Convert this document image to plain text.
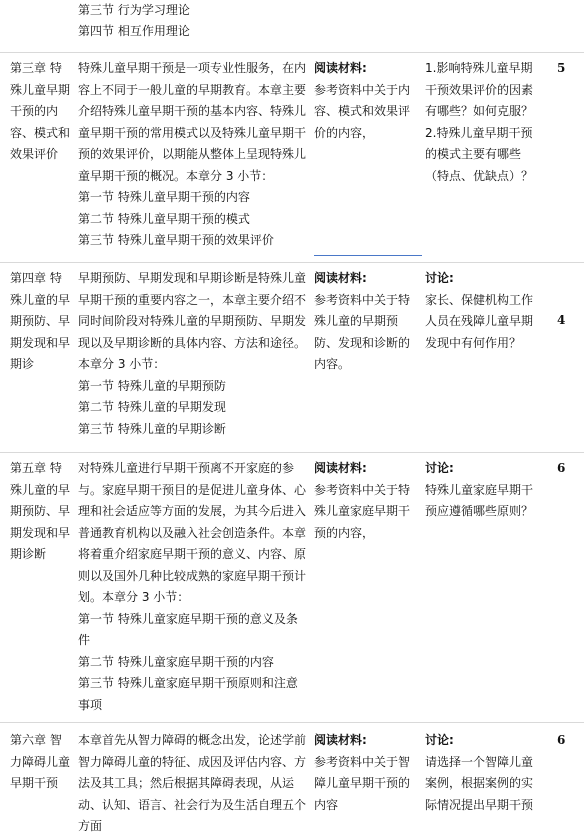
第三节 行为学习理论
第四节 相互作用理论
第三章 特殊儿童早期干预的内容、模式和效果评价
特殊儿童早期干预是一项专业性服务，在内容上不同于一般儿童的早期教育。本章主要介绍特殊儿童早期干预的基本内容、特殊儿童早期干预的常用模式以及特殊儿童早期干预的效果评价，以期能从整体上呈现特殊儿童早期干预的概况。本章分 3 小节：
第一节 特殊儿童早期干预的内容
第二节 特殊儿童早期干预的模式
第三节 特殊儿童早期干预的效果评价
阅读材料:
参考资料中关于内容、模式和效果评价的内容，
1.影响特殊儿童早期干预效果评价的因素有哪些？如何克服？ 2.特殊儿童早期干预的模式主要有哪些（特点、优缺点）？
5
第四章 特殊儿童的早期预防、早期发现和早期诊
早期预防、早期发现和早期诊断是特殊儿童早期干预的重要内容之一，本章主要介绍不同时间阶段对特殊儿童的早期预防、早期发现以及早期诊断的具体内容、方法和途径。
本章分 3 小节：
第一节 特殊儿童的早期预防
第二节 特殊儿童的早期发现
第三节 特殊儿童的早期诊断
阅读材料:
参考资料中关于特殊儿童的早期预防、发现和诊断的内容。
讨论:
家长、保健机构工作人员在残障儿童早期发现中有何作用？
4
第五章 特殊儿童的早期预防、早期发现和早期诊断
对特殊儿童进行早期干预离不开家庭的参与。家庭早期干预目的是促进儿童身体、心理和社会适应等方面的发展，为其今后进入普通教育机构以及融入社会创造条件。本章将着重介绍家庭早期干预的意义、内容、原则以及国外几种比较成熟的家庭早期干预计划。本章分 3 小节：
第一节 特殊儿童家庭早期干预的意义及条件
第二节 特殊儿童家庭早期干预的内容
第三节 特殊儿童家庭早期干预原则和注意事项
阅读材料:
参考资料中关于特殊儿童家庭早期干预的内容，
讨论:
特殊儿童家庭早期干预应遵循哪些原则？
6
第六章 智力障碍儿童早期干预
本章首先从智力障碍的概念出发，论述学前智力障碍儿童的特征、成因及评估内容、方法及其工具；然后根据其障碍表现，从运动、认知、语言、社会行为及生活自理五个方面
阅读材料:
参考资料中关于智障儿童早期干预的内容
讨论:
请选择一个智障儿童案例，根据案例的实际情况提出早期干预
6
